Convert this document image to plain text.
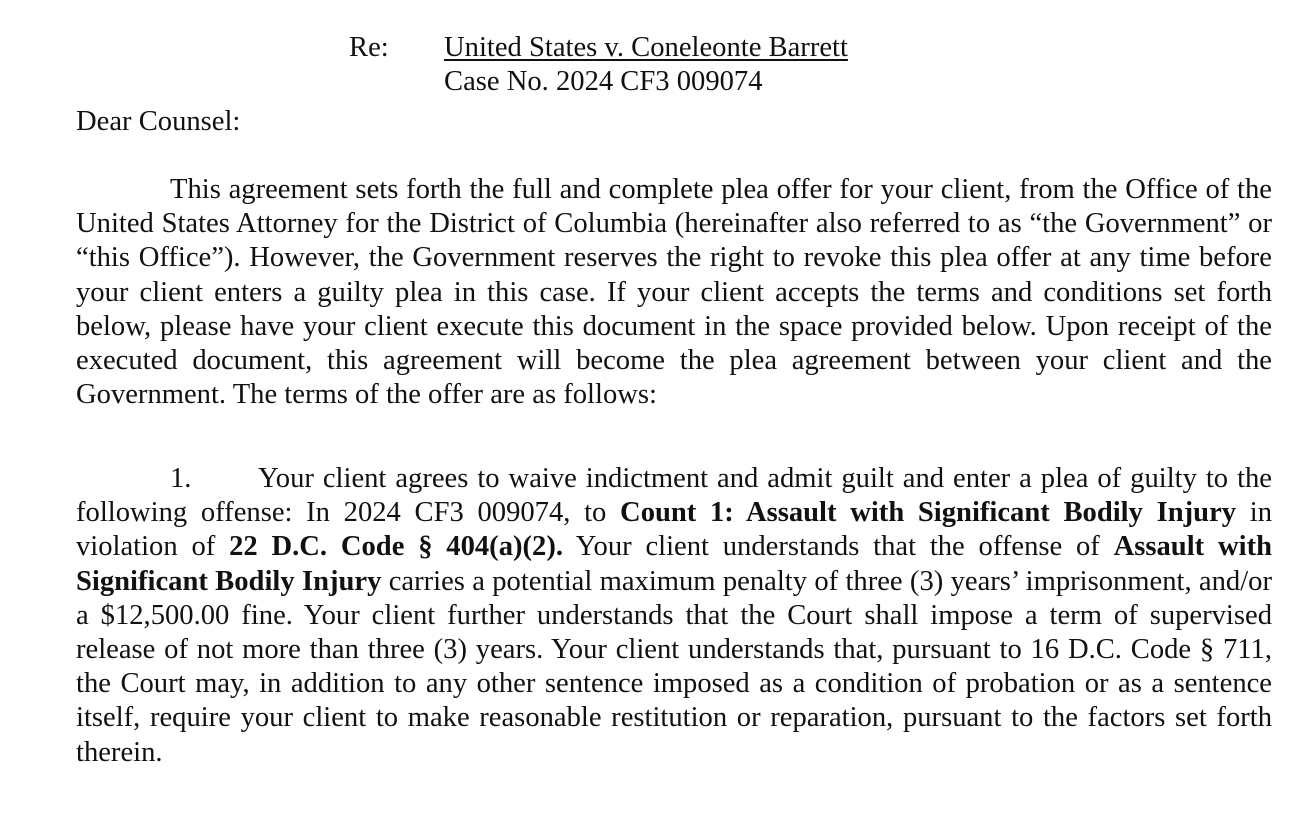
Re: United States v. Coneleonte Barrett
Case No. 2024 CF3 009074
Dear Counsel:
This agreement sets forth the full and complete plea offer for your client, from the Office of the United States Attorney for the District of Columbia (hereinafter also referred to as “the Government” or “this Office”). However, the Government reserves the right to revoke this plea offer at any time before your client enters a guilty plea in this case. If your client accepts the terms and conditions set forth below, please have your client execute this document in the space provided below. Upon receipt of the executed document, this agreement will become the plea agreement between your client and the Government. The terms of the offer are as follows:
1. Your client agrees to waive indictment and admit guilt and enter a plea of guilty to the following offense: In 2024 CF3 009074, to Count 1: Assault with Significant Bodily Injury in violation of 22 D.C. Code § 404(a)(2). Your client understands that the offense of Assault with Significant Bodily Injury carries a potential maximum penalty of three (3) years’ imprisonment, and/or a $12,500.00 fine. Your client further understands that the Court shall impose a term of supervised release of not more than three (3) years. Your client understands that, pursuant to 16 D.C. Code § 711, the Court may, in addition to any other sentence imposed as a condition of probation or as a sentence itself, require your client to make reasonable restitution or reparation, pursuant to the factors set forth therein.
